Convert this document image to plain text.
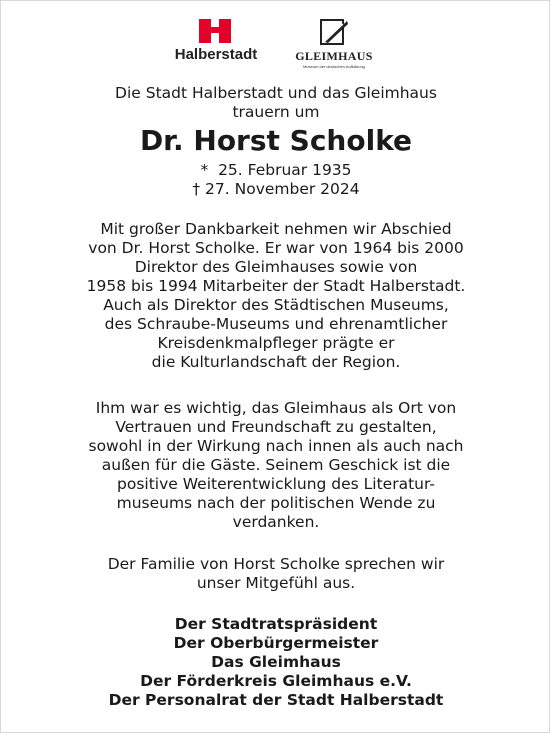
Halberstadt	GLEIMHAUS
Museum der deutschen Aufklärung
Die Stadt Halberstadt und das Gleimhaus
trauern um
Dr. Horst Scholke
* 25. Februar 1935
† 27. November 2024
Mit großer Dankbarkeit nehmen wir Abschied
von Dr. Horst Scholke. Er war von 1964 bis 2000
Direktor des Gleimhauses sowie von
1958 bis 1994 Mitarbeiter der Stadt Halberstadt.
Auch als Direktor des Städtischen Museums,
des Schraube-Museums und ehrenamtlicher
Kreisdenkmalpfleger prägte er
die Kulturlandschaft der Region.
Ihm war es wichtig, das Gleimhaus als Ort von
Vertrauen und Freundschaft zu gestalten,
sowohl in der Wirkung nach innen als auch nach
außen für die Gäste. Seinem Geschick ist die
positive Weiterentwicklung des Literatur-
museums nach der politischen Wende zu
verdanken.
Der Familie von Horst Scholke sprechen wir
unser Mitgefühl aus.
Der Stadtratspräsident
Der Oberbürgermeister
Das Gleimhaus
Der Förderkreis Gleimhaus e.V.
Der Personalrat der Stadt Halberstadt
